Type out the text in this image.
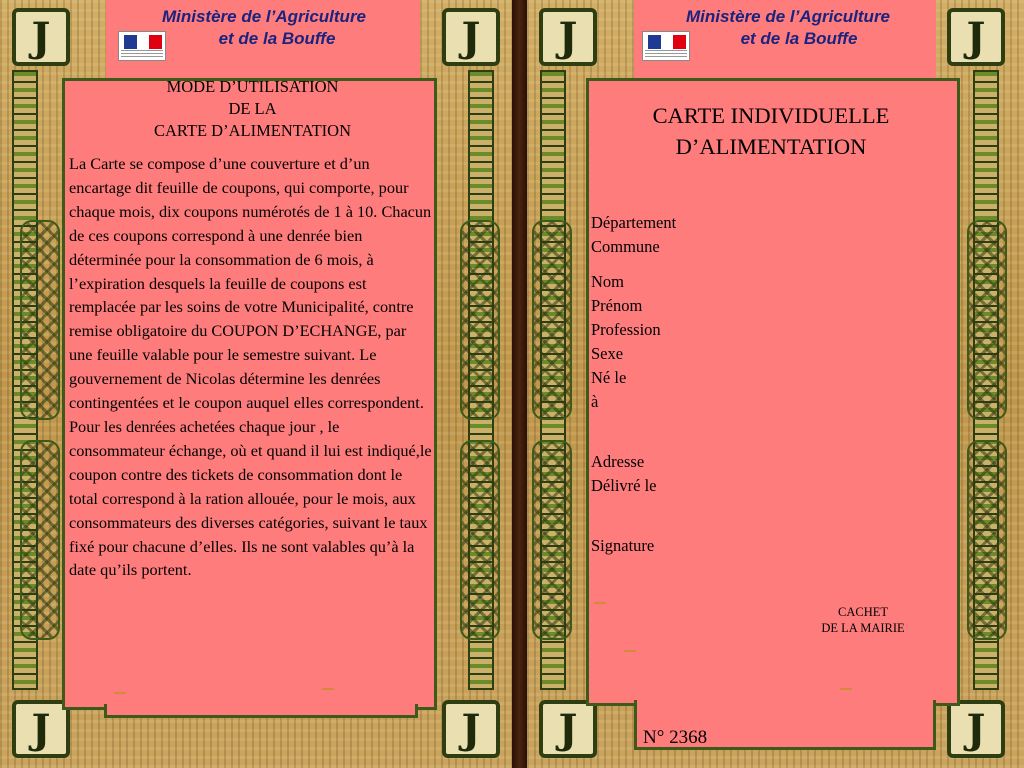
J	J
J	J
Ministère de l’Agriculture
et de la Bouffe
MODE D’UTILISATION
DE LA
CARTE D’ALIMENTATION

La Carte se compose d’une couverture et d’un encartage dit feuille de coupons, qui comporte, pour chaque mois, dix coupons numérotés de 1 à 10. Chacun de ces coupons correspond à une denrée bien déterminée pour la consommation de 6 mois, à l’expiration desquels la feuille de coupons est remplacée par les soins de votre Municipalité, contre remise obligatoire du COUPON D’ECHANGE, par une feuille valable pour le semestre suivant. Le gouvernement de Nicolas détermine les denrées contingentées et le coupon auquel elles correspondent.

Pour les denrées achetées chaque jour , le consommateur échange, où et quand il lui est indiqué,le coupon contre des tickets de consommation dont le total correspond à la ration allouée, pour le mois, aux consommateurs des diverses catégories, suivant le taux fixé pour chacune d’elles. Ils ne sont valables qu’à la date qu’ils portent.

J	J
J	J
Ministère de l’Agriculture
et de la Bouffe
CARTE INDIVIDUELLE
D’ALIMENTATION
Département
Commune
Nom
Prénom
Profession
Sexe
Né le
à
Adresse
Délivré le
Signature
CACHET
DE LA MAIRIE
N° 2368
